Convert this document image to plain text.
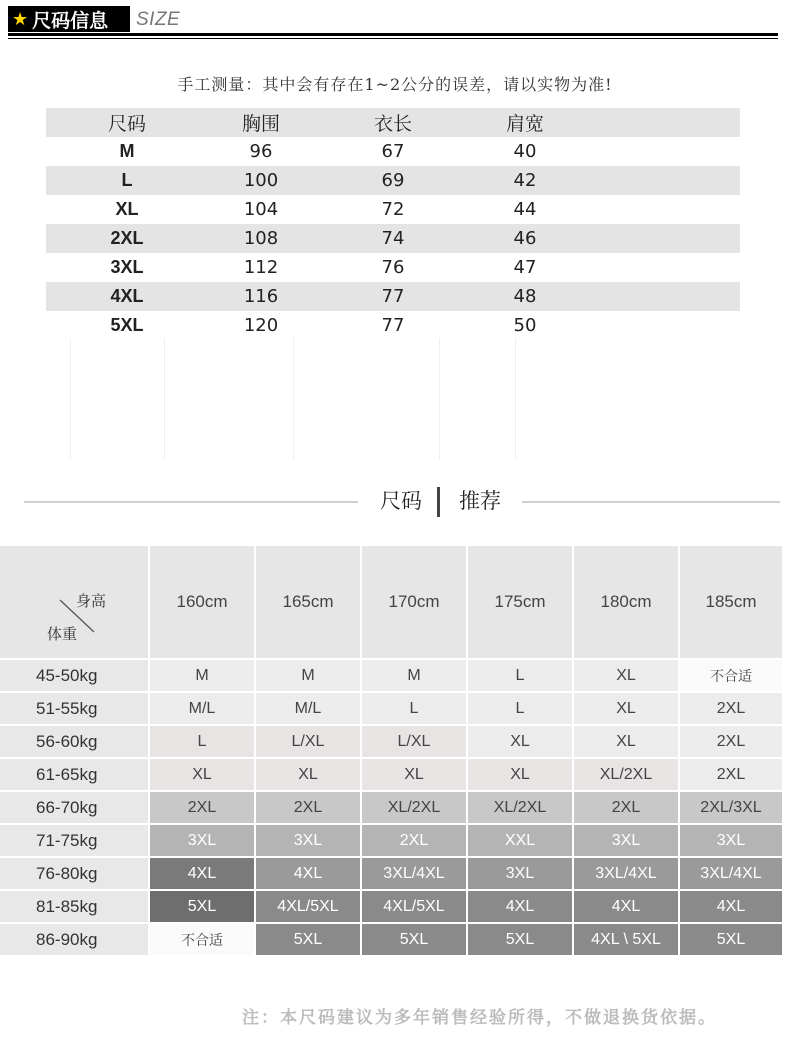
★ 尺码信息 SIZE
手工测量：其中会有存在1~2公分的误差，请以实物为准!
尺码	胸围	衣长	肩宽
M	96	67	40
L	100	69	42
XL	104	72	44
2XL	108	74	46
3XL	112	76	47
4XL	116	77	48
5XL	120	77	50
尺码 推荐
身高
体重
160cm	165cm	170cm	175cm	180cm	185cm
45-50kg	M	M	M	L	XL	不合适
51-55kg	M/L	M/L	L	L	XL	2XL
56-60kg	L	L/XL	L/XL	XL	XL	2XL
61-65kg	XL	XL	XL	XL	XL/2XL	2XL
66-70kg	2XL	2XL	XL/2XL	XL/2XL	2XL	2XL/3XL
71-75kg	3XL	3XL	2XL	XXL	3XL	3XL
76-80kg	4XL	4XL	3XL/4XL	3XL	3XL/4XL	3XL/4XL
81-85kg	5XL	4XL/5XL	4XL/5XL	4XL	4XL	4XL
86-90kg	不合适	5XL	5XL	5XL	4XL \ 5XL	5XL
注：本尺码建议为多年销售经验所得，不做退换货依据。
